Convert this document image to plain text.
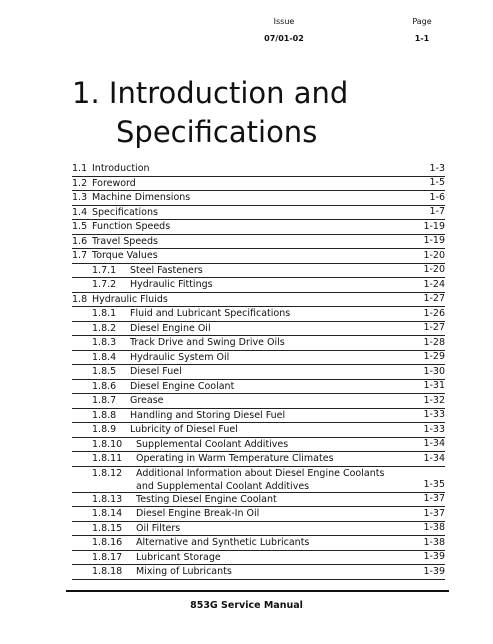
Issue	Page
07/01-02	1-1
1. Introduction and
Specifications
1.1 Introduction	1-3
1.2 Foreword	1-5
1.3 Machine Dimensions	1-6
1.4 Specifications	1-7
1.5 Function Speeds	1-19
1.6 Travel Speeds	1-19
1.7 Torque Values	1-20
1.7.1 Steel Fasteners	1-20
1.7.2 Hydraulic Fittings	1-24
1.8 Hydraulic Fluids	1-27
1.8.1 Fluid and Lubricant Specifications	1-26
1.8.2 Diesel Engine Oil	1-27
1.8.3 Track Drive and Swing Drive Oils	1-28
1.8.4 Hydraulic System Oil	1-29
1.8.5 Diesel Fuel	1-30
1.8.6 Diesel Engine Coolant	1-31
1.8.7 Grease	1-32
1.8.8 Handling and Storing Diesel Fuel	1-33
1.8.9 Lubricity of Diesel Fuel	1-33
1.8.10 Supplemental Coolant Additives	1-34
1.8.11 Operating in Warm Temperature Climates	1-34
1.8.12 Additional Information about Diesel Engine Coolants
and Supplemental Coolant Additives	1-35
1.8.13 Testing Diesel Engine Coolant	1-37
1.8.14 Diesel Engine Break-In Oil	1-37
1.8.15 Oil Filters	1-38
1.8.16 Alternative and Synthetic Lubricants	1-38
1.8.17 Lubricant Storage	1-39
1.8.18 Mixing of Lubricants	1-39
853G Service Manual
